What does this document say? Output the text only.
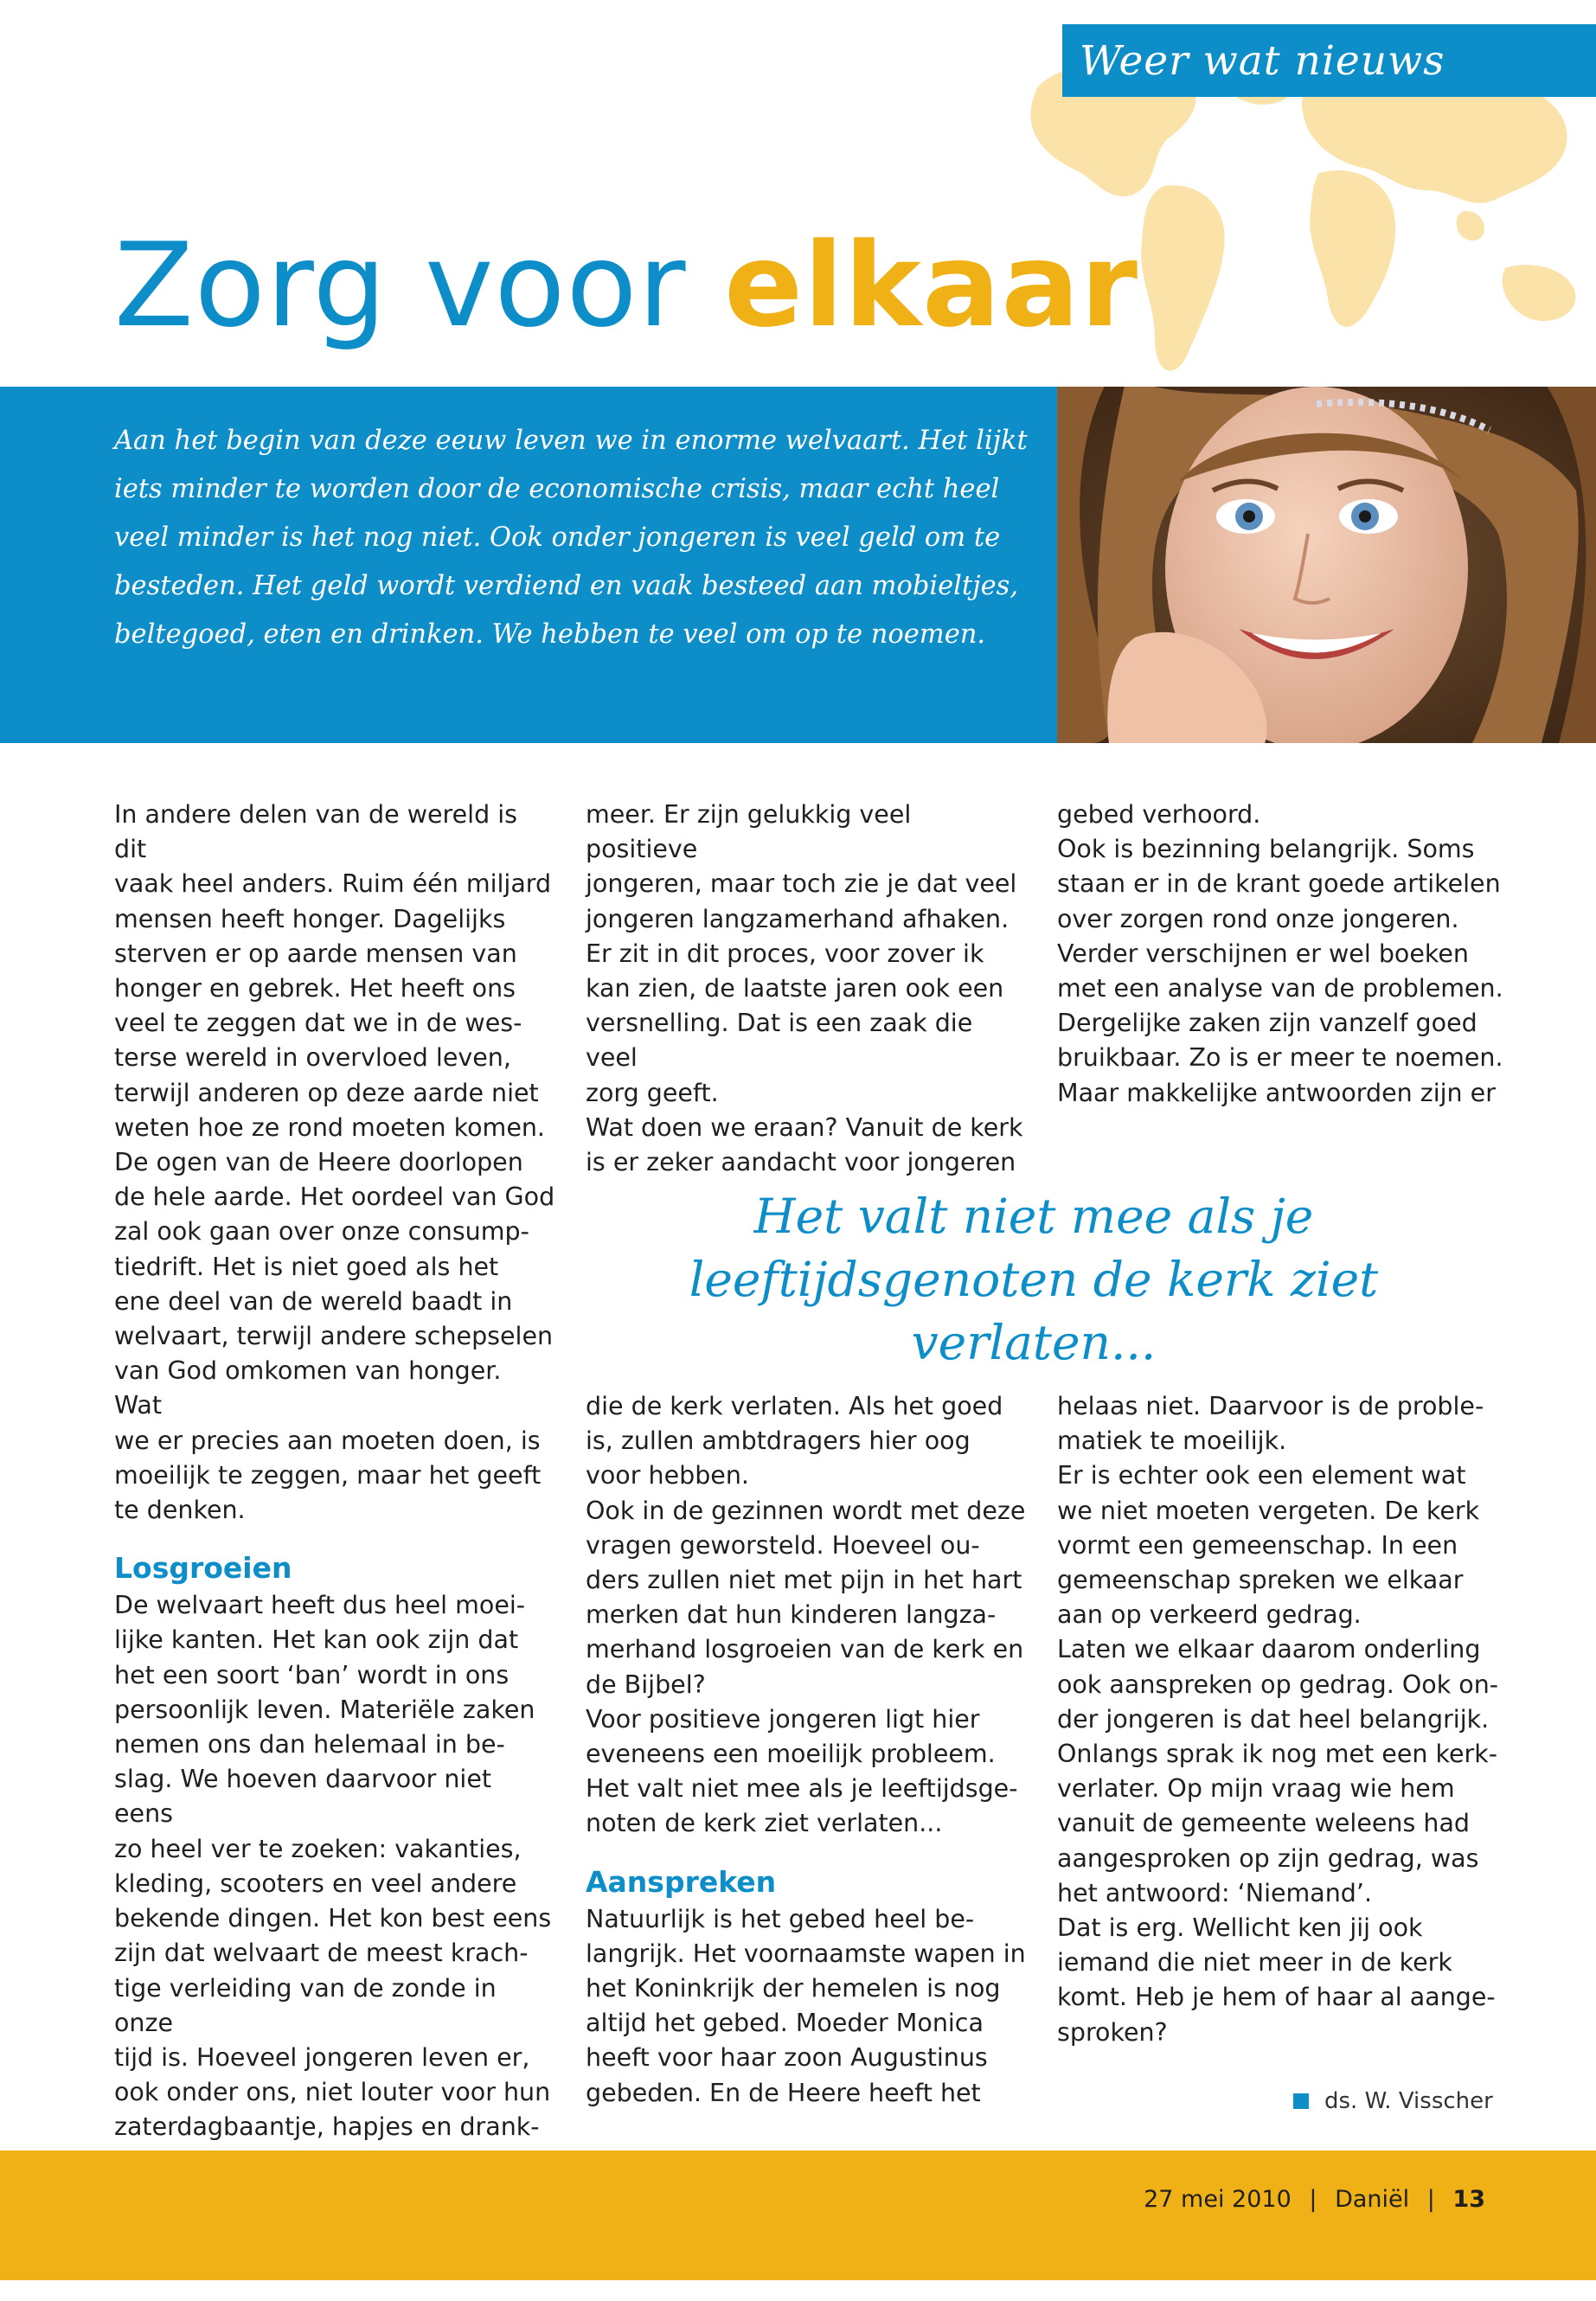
Weer wat nieuws
Zorg voor elkaar

Aan het begin van deze eeuw leven we in enorme welvaart. Het lijkt iets minder te worden door de economische crisis, maar echt heel veel minder is het nog niet. Ook onder jongeren is veel geld om te besteden. Het geld wordt verdiend en vaak besteed aan mobieltjes, beltegoed, eten en drinken. We hebben te veel om op te noemen.

In andere delen van de wereld is dit
vaak heel anders. Ruim één miljard
mensen heeft honger. Dagelijks
sterven er op aarde mensen van
honger en gebrek. Het heeft ons
veel te zeggen dat we in de wes-
terse wereld in overvloed leven,
terwijl anderen op deze aarde niet
weten hoe ze rond moeten komen.
De ogen van de Heere doorlopen
de hele aarde. Het oordeel van God
zal ook gaan over onze consump-
tiedrift. Het is niet goed als het
ene deel van de wereld baadt in
welvaart, terwijl andere schepselen
van God omkomen van honger. Wat
we er precies aan moeten doen, is
moeilijk te zeggen, maar het geeft
te denken.

Losgroeien

De welvaart heeft dus heel moei-
lijke kanten. Het kan ook zijn dat
het een soort ‘ban’ wordt in ons
persoonlijk leven. Materiële zaken
nemen ons dan helemaal in be-
slag. We hoeven daarvoor niet eens
zo heel ver te zoeken: vakanties,
kleding, scooters en veel andere
bekende dingen. Het kon best eens
zijn dat welvaart de meest krach-
tige verleiding van de zonde in onze
tijd is. Hoeveel jongeren leven er,
ook onder ons, niet louter voor hun
zaterdagbaantje, hapjes en drank-

meer. Er zijn gelukkig veel positieve
jongeren, maar toch zie je dat veel
jongeren langzamerhand afhaken.
Er zit in dit proces, voor zover ik
kan zien, de laatste jaren ook een
versnelling. Dat is een zaak die veel
zorg geeft.
Wat doen we eraan? Vanuit de kerk
is er zeker aandacht voor jongeren

gebed verhoord.
Ook is bezinning belangrijk. Soms
staan er in de krant goede artikelen
over zorgen rond onze jongeren.
Verder verschijnen er wel boeken
met een analyse van de problemen.
Dergelijke zaken zijn vanzelf goed
bruikbaar. Zo is er meer te noemen.
Maar makkelijke antwoorden zijn er

Het valt niet mee als je
leeftijdsgenoten de kerk ziet verlaten...

die de kerk verlaten. Als het goed
is, zullen ambtdragers hier oog
voor hebben.
Ook in de gezinnen wordt met deze
vragen geworsteld. Hoeveel ou-
ders zullen niet met pijn in het hart
merken dat hun kinderen langza-
merhand losgroeien van de kerk en
de Bijbel?
Voor positieve jongeren ligt hier
eveneens een moeilijk probleem.
Het valt niet mee als je leeftijdsge-
noten de kerk ziet verlaten...

Aanspreken

Natuurlijk is het gebed heel be-
langrijk. Het voornaamste wapen in
het Koninkrijk der hemelen is nog
altijd het gebed. Moeder Monica
heeft voor haar zoon Augustinus
gebeden. En de Heere heeft het

helaas niet. Daarvoor is de proble-
matiek te moeilijk.
Er is echter ook een element wat
we niet moeten vergeten. De kerk
vormt een gemeenschap. In een
gemeenschap spreken we elkaar
aan op verkeerd gedrag.
Laten we elkaar daarom onderling
ook aanspreken op gedrag. Ook on-
der jongeren is dat heel belangrijk.
Onlangs sprak ik nog met een kerk-
verlater. Op mijn vraag wie hem
vanuit de gemeente weleens had
aangesproken op zijn gedrag, was
het antwoord: ‘Niemand’.
Dat is erg. Wellicht ken jij ook
iemand die niet meer in de kerk
komt. Heb je hem of haar al aange-
sproken?

ds. W. Visscher
27 mei 2010 | Daniël | 13
